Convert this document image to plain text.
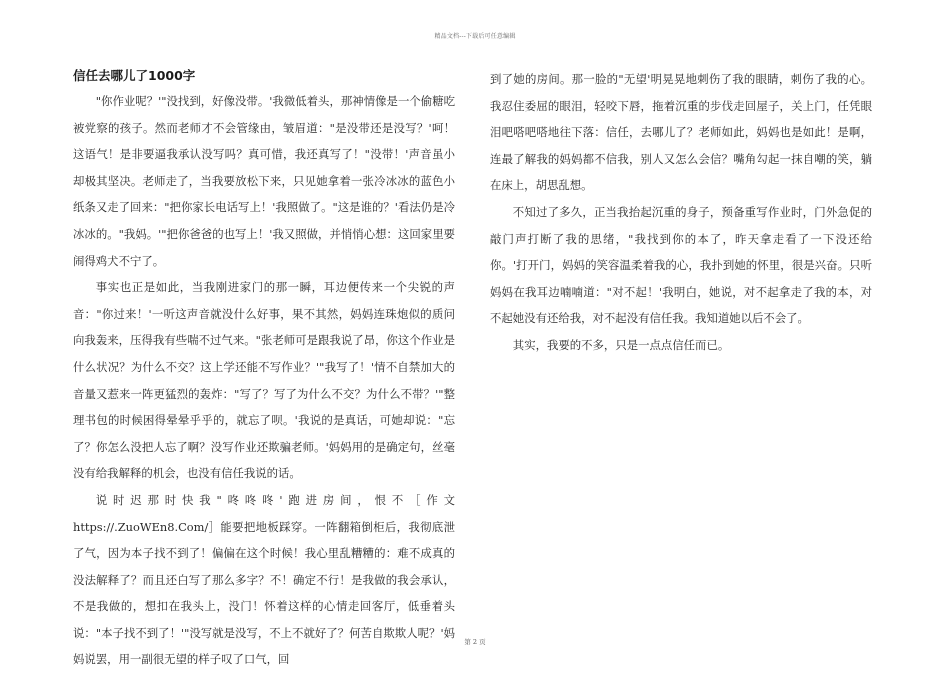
精品文档---下载后可任意编辑
信任去哪儿了1000字

"你作业呢？'"没找到，好像没带。'我微低着头，那神情像是一个偷糖吃被党察的孩子。然而老师才不会管缘由，皱眉道："是没带还是没写？'呵！这语气！是非要逼我承认没写吗？真可惜，我还真写了！"没带！'声音虽小却极其坚决。老师走了，当我要放松下来，只见她拿着一张冷冰冰的蓝色小纸条又走了回来："把你家长电话写上！'我照做了。"这是谁的？'看法仍是冷冰冰的。"我妈。'"把你爸爸的也写上！'我又照做，并悄悄心想：这回家里要闹得鸡犬不宁了。

事实也正是如此，当我刚进家门的那一瞬，耳边便传来一个尖锐的声音："你过来！'一听这声音就没什么好事，果不其然，妈妈连珠炮似的质问向我轰来，压得我有些喘不过气来。"张老师可是跟我说了昂，你这个作业是什么状况？为什么不交？这上学还能不写作业？'"我写了！'情不自禁加大的音量又惹来一阵更猛烈的轰炸："写了？写了为什么不交？为什么不带？'"整理书包的时候困得晕晕乎乎的，就忘了呗。'我说的是真话，可她却说："忘了？你怎么没把人忘了啊？没写作业还欺骗老师。'妈妈用的是确定句，丝毫没有给我解释的机会，也没有信任我说的话。

说时迟那时快我"咚咚咚'跑进房间，恨不［作文https://.ZuoWEn8.Com/］能要把地板踩穿。一阵翻箱倒柜后，我彻底泄了气，因为本子找不到了！偏偏在这个时候！我心里乱糟糟的：难不成真的没法解释了？而且还白写了那么多字？不！确定不行！是我做的我会承认，不是我做的，想扣在我头上，没门！怀着这样的心情走回客厅，低垂着头说："本子找不到了！'"没写就是没写，不上不就好了？何苦自欺欺人呢？'妈妈说罢，用一副很无望的样子叹了口气，回

到了她的房间。那一脸的"无望'明晃晃地刺伤了我的眼睛，刺伤了我的心。我忍住委屈的眼泪，轻咬下唇，拖着沉重的步伐走回屋子，关上门，任凭眼泪吧嗒吧嗒地往下落：信任，去哪儿了？老师如此，妈妈也是如此！是啊，连最了解我的妈妈都不信我，别人又怎么会信？嘴角勾起一抹自嘲的笑，躺在床上，胡思乱想。

不知过了多久，正当我抬起沉重的身子，预备重写作业时，门外急促的敲门声打断了我的思绪，"我找到你的本了，昨天拿走看了一下没还给你。'打开门，妈妈的笑容温柔着我的心，我扑到她的怀里，很是兴奋。只听妈妈在我耳边喃喃道："对不起！'我明白，她说，对不起拿走了我的本，对不起她没有还给我，对不起没有信任我。我知道她以后不会了。

其实，我要的不多，只是一点点信任而已。

第 2 页
